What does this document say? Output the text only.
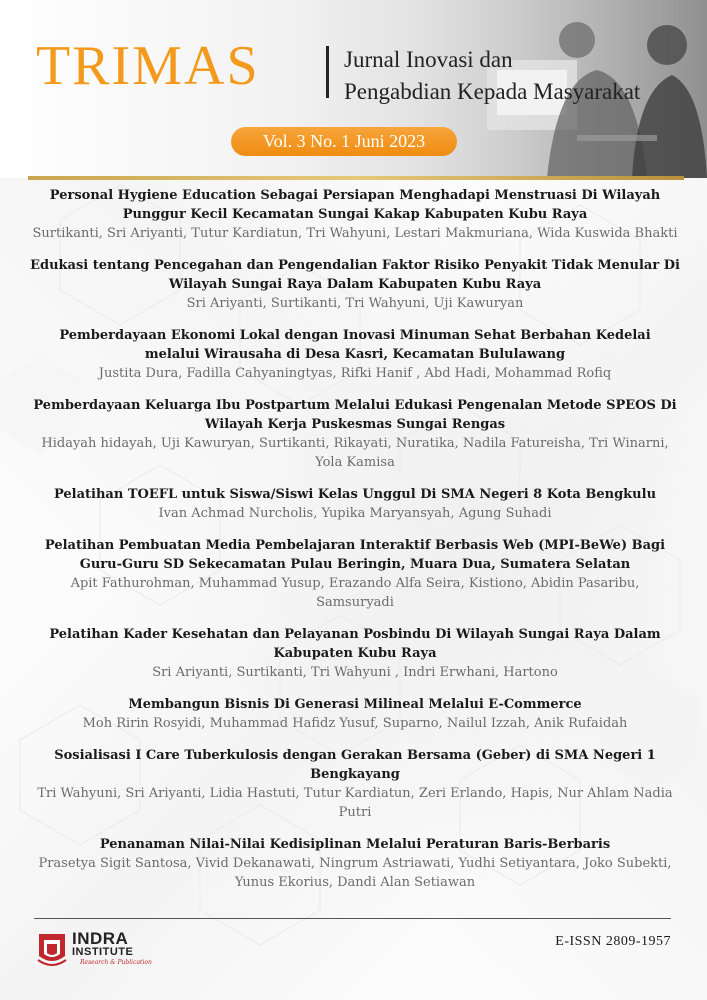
TRIMAS	Jurnal Inovasi dan
Pengabdian Kepada Masyarakat
Vol. 3 No. 1 Juni 2023
Personal Hygiene Education Sebagai Persiapan Menghadapi Menstruasi Di Wilayah Punggur Kecil Kecamatan Sungai Kakap Kabupaten Kubu Raya
Surtikanti, Sri Ariyanti, Tutur Kardiatun, Tri Wahyuni, Lestari Makmuriana, Wida Kuswida Bhakti
Edukasi tentang Pencegahan dan Pengendalian Faktor Risiko Penyakit Tidak Menular Di Wilayah Sungai Raya Dalam Kabupaten Kubu Raya
Sri Ariyanti, Surtikanti, Tri Wahyuni, Uji Kawuryan
Pemberdayaan Ekonomi Lokal dengan Inovasi Minuman Sehat Berbahan Kedelai melalui Wirausaha di Desa Kasri, Kecamatan Bululawang
Justita Dura, Fadilla Cahyaningtyas, Rifki Hanif , Abd Hadi, Mohammad Rofiq
Pemberdayaan Keluarga Ibu Postpartum Melalui Edukasi Pengenalan Metode SPEOS Di Wilayah Kerja Puskesmas Sungai Rengas
Hidayah hidayah, Uji Kawuryan, Surtikanti, Rikayati, Nuratika, Nadila Fatureisha, Tri Winarni, Yola Kamisa
Pelatihan TOEFL untuk Siswa/Siswi Kelas Unggul Di SMA Negeri 8 Kota Bengkulu
Ivan Achmad Nurcholis, Yupika Maryansyah, Agung Suhadi
Pelatihan Pembuatan Media Pembelajaran Interaktif Berbasis Web (MPI-BeWe) Bagi Guru-Guru SD Sekecamatan Pulau Beringin, Muara Dua, Sumatera Selatan
Apit Fathurohman, Muhammad Yusup, Erazando Alfa Seira, Kistiono, Abidin Pasaribu, Samsuryadi
Pelatihan Kader Kesehatan dan Pelayanan Posbindu Di Wilayah Sungai Raya Dalam Kabupaten Kubu Raya
Sri Ariyanti, Surtikanti, Tri Wahyuni , Indri Erwhani, Hartono
Membangun Bisnis Di Generasi Milineal Melalui E-Commerce
Moh Ririn Rosyidi, Muhammad Hafidz Yusuf, Suparno, Nailul Izzah, Anik Rufaidah
Sosialisasi I Care Tuberkulosis dengan Gerakan Bersama (Geber) di SMA Negeri 1 Bengkayang
Tri Wahyuni, Sri Ariyanti, Lidia Hastuti, Tutur Kardiatun, Zeri Erlando, Hapis, Nur Ahlam Nadia Putri
Penanaman Nilai-Nilai Kedisiplinan Melalui Peraturan Baris-Berbaris
Prasetya Sigit Santosa, Vivid Dekanawati, Ningrum Astriawati, Yudhi Setiyantara, Joko Subekti, Yunus Ekorius, Dandi Alan Setiawan
INDRA
INSTITUTE
Research & Publication
E-ISSN 2809-1957
